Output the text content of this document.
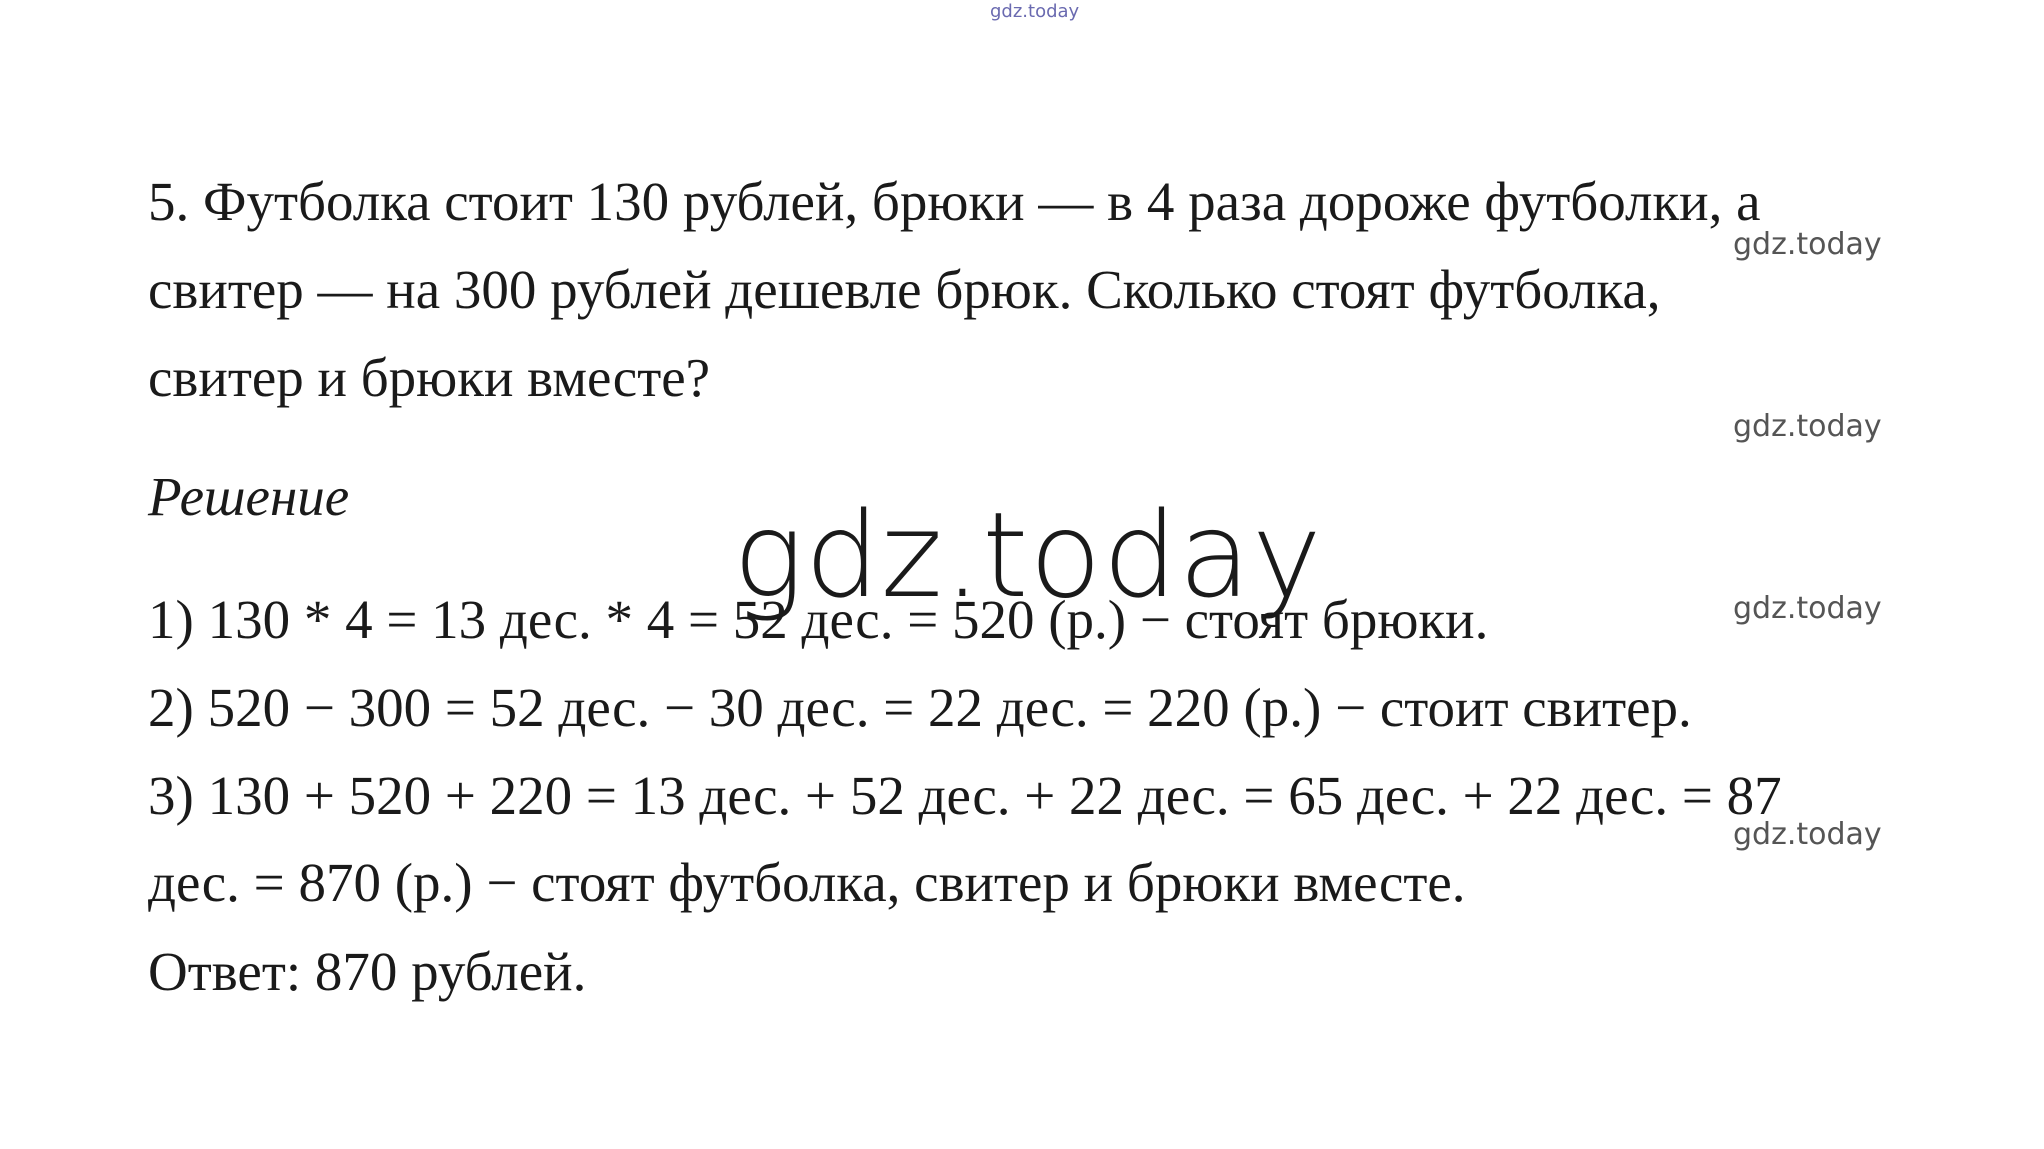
gdz.today
5. Футболка стоит 130 рублей, брюки — в 4 раза дороже футболки, а
gdz.today
свитер — на 300 рублей дешевле брюк. Сколько стоят футболка,
свитер и брюки вместе?
gdz.today
Решение	gdz.today
1) 130 * 4 = 13 дес. * 4 = 52 дес. = 520 (р.) − стоят брюки.	gdz.today
2) 520 − 300 = 52 дес. − 30 дес. = 22 дес. = 220 (р.) − стоит свитер.
3) 130 + 520 + 220 = 13 дес. + 52 дес. + 22 дес. = 65 дес. + 22 дес. = 87
gdz.today
дес. = 870 (р.) − стоят футболка, свитер и брюки вместе.
Ответ: 870 рублей.
